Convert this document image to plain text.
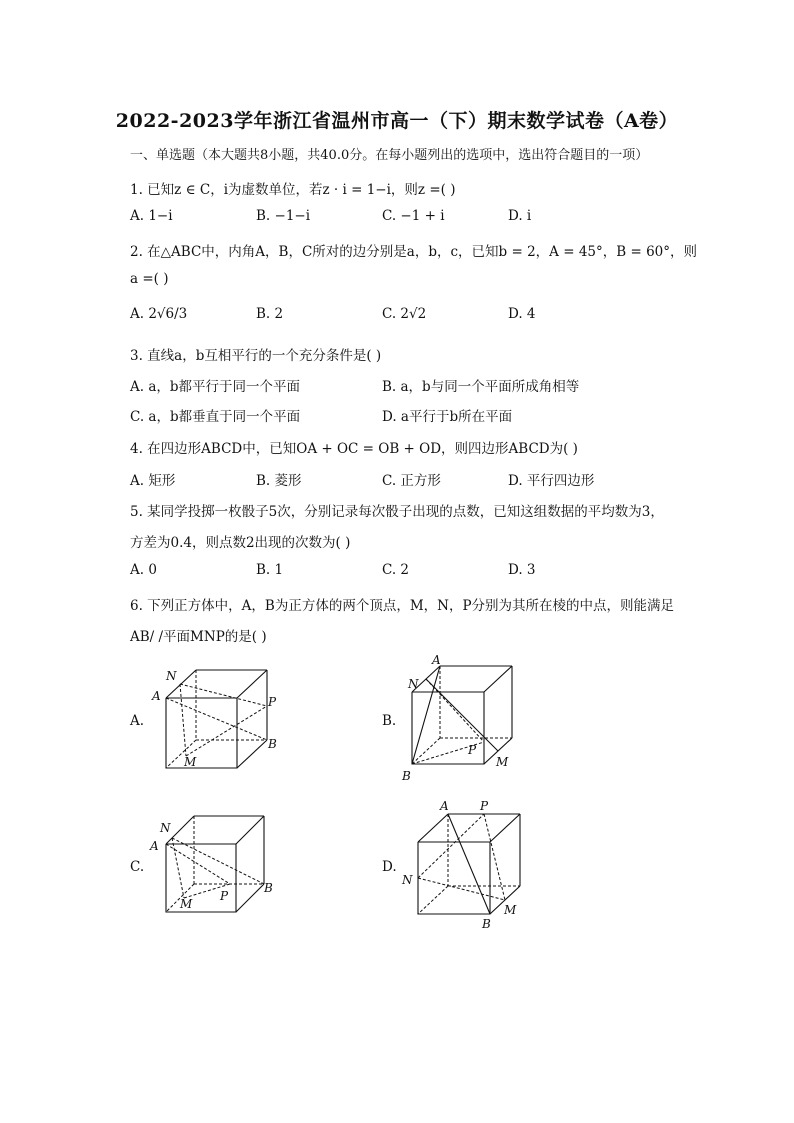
2022-2023学年浙江省温州市高一（下）期末数学试卷（A卷）
一、单选题（本大题共8小题，共40.0分。在每小题列出的选项中，选出符合题目的一项）
1. 已知z ∈ C，i为虚数单位，若z · i = 1−i，则z =( )
A. 1−i	B. −1−i	C. −1 + i	D. i
2. 在△ABC中，内角A，B，C所对的边分别是a，b，c，已知b = 2，A = 45°，B = 60°，则
a =( )
A. 2√6/3	B. 2	C. 2√2	D. 4
3. 直线a，b互相平行的一个充分条件是( )
A. a，b都平行于同一个平面	B. a，b与同一个平面所成角相等
C. a，b都垂直于同一个平面	D. a平行于b所在平面
4. 在四边形ABCD中，已知OA + OC = OB + OD，则四边形ABCD为( )
A. 矩形	B. 菱形	C. 正方形	D. 平行四边形
5. 某同学投掷一枚骰子5次，分别记录每次骰子出现的点数，已知这组数据的平均数为3，
方差为0.4，则点数2出现的次数为( )
A. 0	B. 1	C. 2	D. 3
6. 下列正方体中，A，B为正方体的两个顶点，M，N，P分别为其所在棱的中点，则能满足
AB/ /平面MNP的是( )
A.	B.
C.	D.
N
A	P
B
M
A
N
P
M
B
N
A
P
B
M
A	P
N
M
B
